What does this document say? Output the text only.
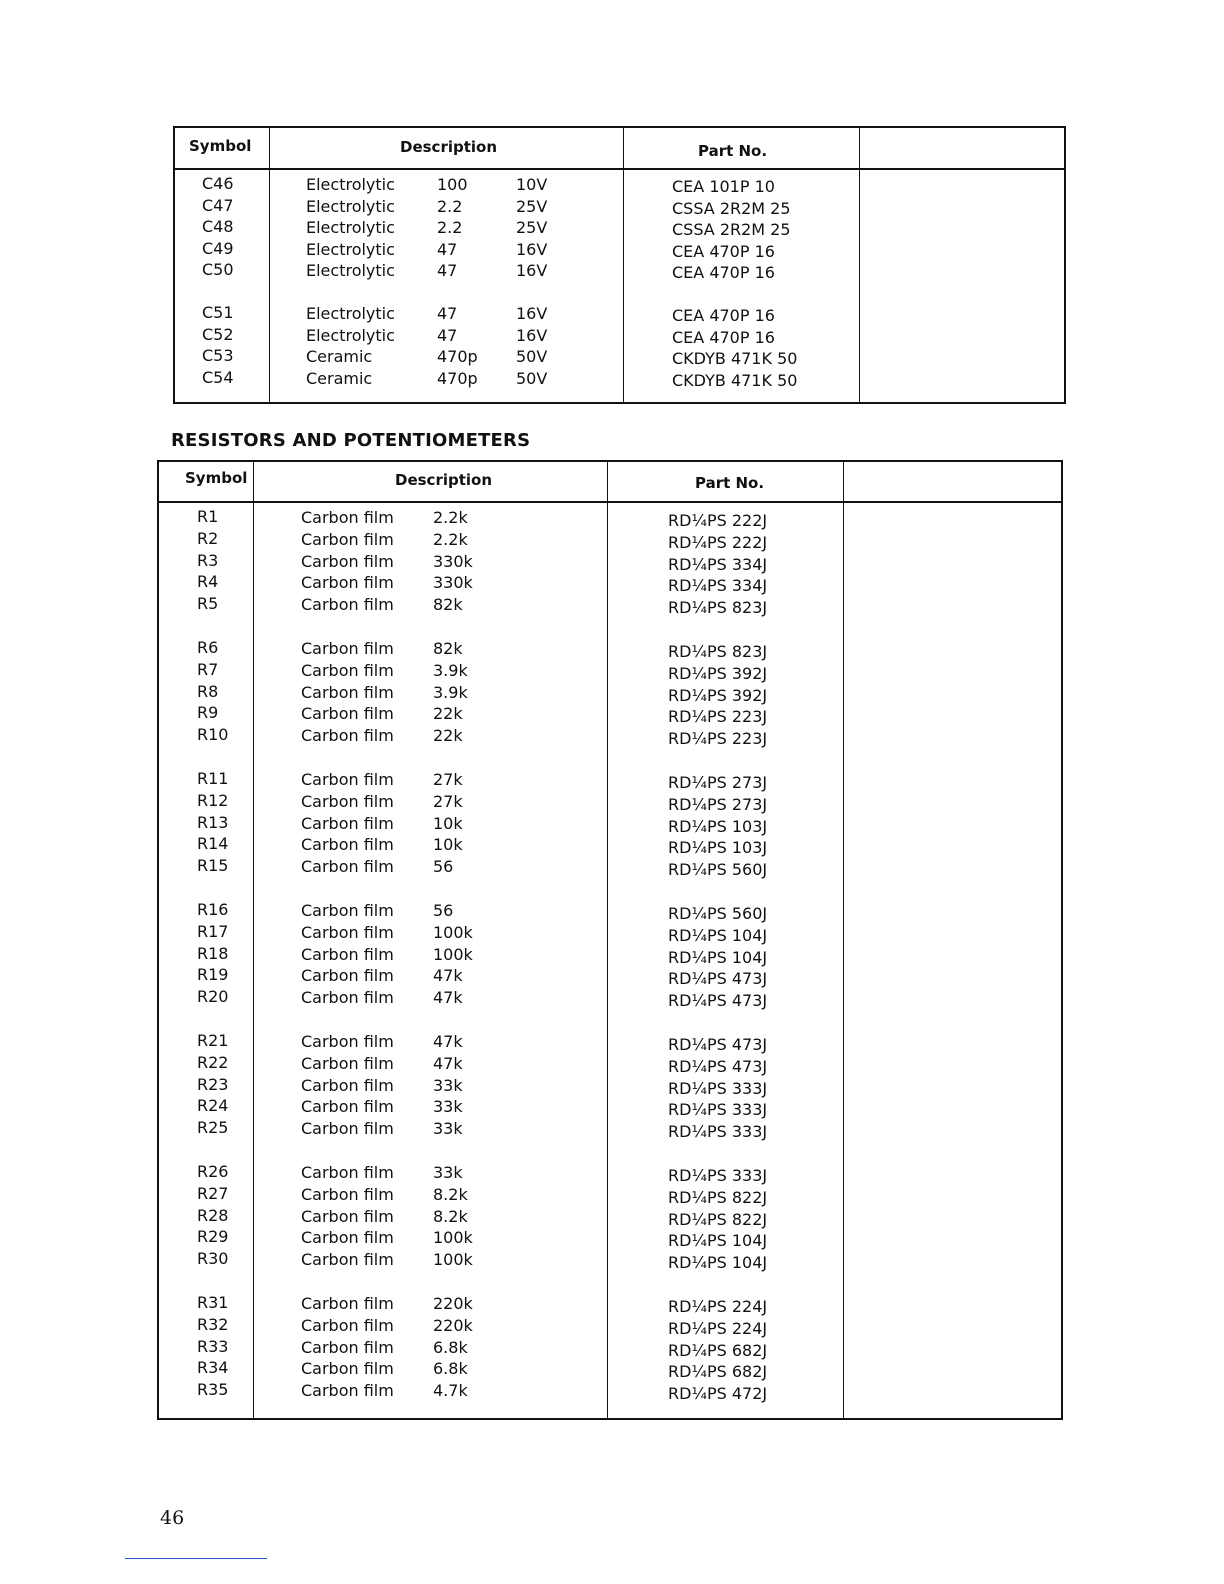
Symbol	Description	Part No.
C46	Electrolytic	100	10V	CEA 101P 10
C47	Electrolytic	2.2	25V	CSSA 2R2M 25
C48	Electrolytic	2.2	25V	CSSA 2R2M 25
C49	Electrolytic	47	16V	CEA 470P 16
C50	Electrolytic	47	16V	CEA 470P 16
C51	Electrolytic	47	16V	CEA 470P 16
C52	Electrolytic	47	16V	CEA 470P 16
C53	Ceramic	470p 50V	CKDYB 471K 50
C54	Ceramic	470p 50V	CKDYB 471K 50
RESISTORS AND POTENTIOMETERS
Symbol	Description	Part No.
R1	Carbon film 2.2k	RD¼PS 222J
R2	Carbon film 2.2k	RD¼PS 222J
R3	Carbon film 330k	RD¼PS 334J
R4	Carbon film 330k	RD¼PS 334J
R5	Carbon film 82k	RD¼PS 823J
R6	Carbon film 82k	RD¼PS 823J
R7	Carbon film 3.9k	RD¼PS 392J
R8	Carbon film 3.9k	RD¼PS 392J
R9	Carbon film 22k	RD¼PS 223J
R10	Carbon film 22k	RD¼PS 223J
R11	Carbon film 27k	RD¼PS 273J
R12	Carbon film 27k	RD¼PS 273J
R13	Carbon film 10k	RD¼PS 103J
R14	Carbon film 10k	RD¼PS 103J
R15	Carbon film 56	RD¼PS 560J
R16	Carbon film 56	RD¼PS 560J
R17	Carbon film 100k	RD¼PS 104J
R18	Carbon film 100k	RD¼PS 104J
R19	Carbon film 47k	RD¼PS 473J
R20	Carbon film 47k	RD¼PS 473J
R21	Carbon film 47k	RD¼PS 473J
R22	Carbon film 47k	RD¼PS 473J
R23	Carbon film 33k	RD¼PS 333J
R24	Carbon film 33k	RD¼PS 333J
R25	Carbon film 33k	RD¼PS 333J
R26	Carbon film 33k	RD¼PS 333J
R27	Carbon film 8.2k	RD¼PS 822J
R28	Carbon film 8.2k	RD¼PS 822J
R29	Carbon film 100k	RD¼PS 104J
R30	Carbon film 100k	RD¼PS 104J
R31	Carbon film 220k	RD¼PS 224J
R32	Carbon film 220k	RD¼PS 224J
R33	Carbon film 6.8k	RD¼PS 682J
R34	Carbon film 6.8k	RD¼PS 682J
R35	Carbon film 4.7k	RD¼PS 472J
46
